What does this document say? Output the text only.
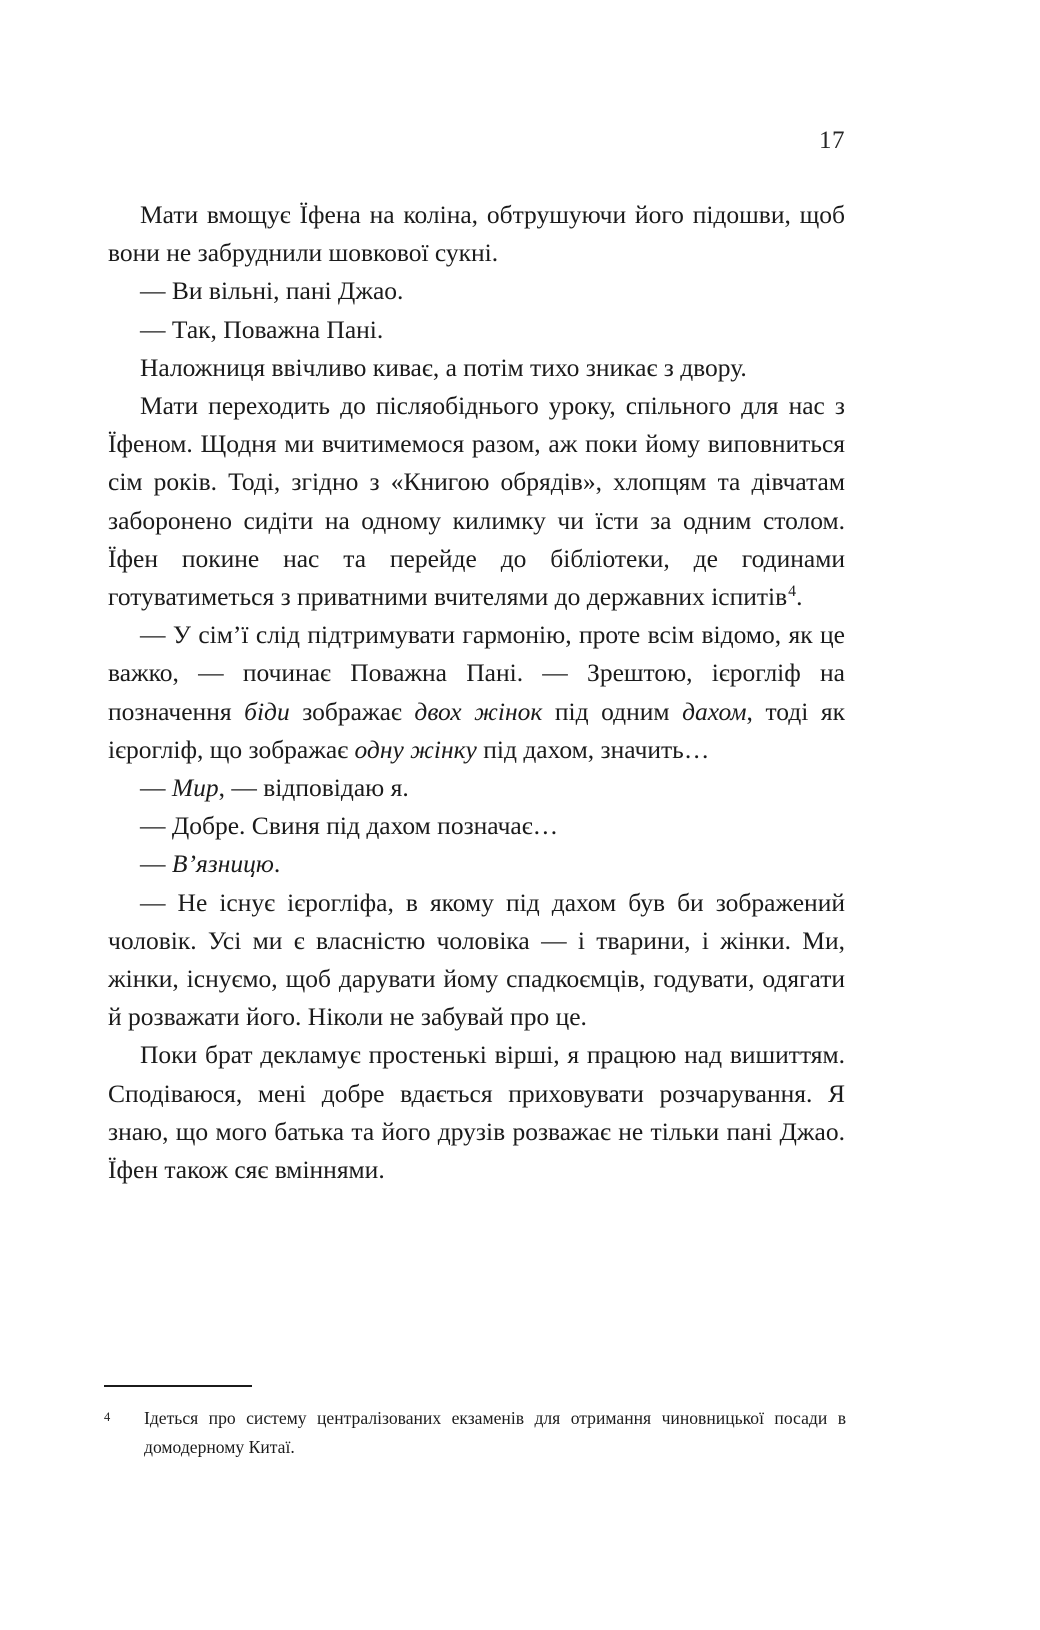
17

Мати вмощує Їфена на коліна, обтрушуючи його підошви, щоб вони не забруднили шовкової сукні.

— Ви вільні, пані Джао.

— Так, Поважна Пані.

Наложниця ввічливо киває, а потім тихо зникає з двору.

Мати переходить до післяобіднього уроку, спільного для нас з Їфеном. Щодня ми вчитимемося разом, аж поки йому виповниться сім років. Тоді, згідно з «Книгою обрядів», хлопцям та дівчатам заборонено сидіти на одному килимку чи їсти за одним столом. Їфен покине нас та перейде до бібліотеки, де годинами готуватиметься з приватними вчителями до державних іспитів$^4$.

— У сім’ї слід підтримувати гармонію, проте всім відомо, як це важко, — починає Поважна Пані. — Зрештою, ієрогліф на позначення біди зображає двох жінок під одним дахом, тоді як ієрогліф, що зображає одну жінку під дахом, значить…

— Мир, — відповідаю я.

— Добре. Свиня під дахом позначає…

— В’язницю.

— Не існує ієрогліфа, в якому під дахом був би зображений чоловік. Усі ми є власністю чоловіка — і тварини, і жінки. Ми, жінки, існуємо, щоб дарувати йому спадкоємців, годувати, одягати й розважати його. Ніколи не забувай про це.

Поки брат декламує простенькі вірші, я працюю над вишиттям. Сподіваюся, мені добре вдається приховувати розчарування. Я знаю, що мого батька та його друзів розважає не тільки пані Джао. Їфен також сяє вміннями.

4	Ідеться про систему централізованих екзаменів для отримання чиновницької посади в домодерному Китаї.
